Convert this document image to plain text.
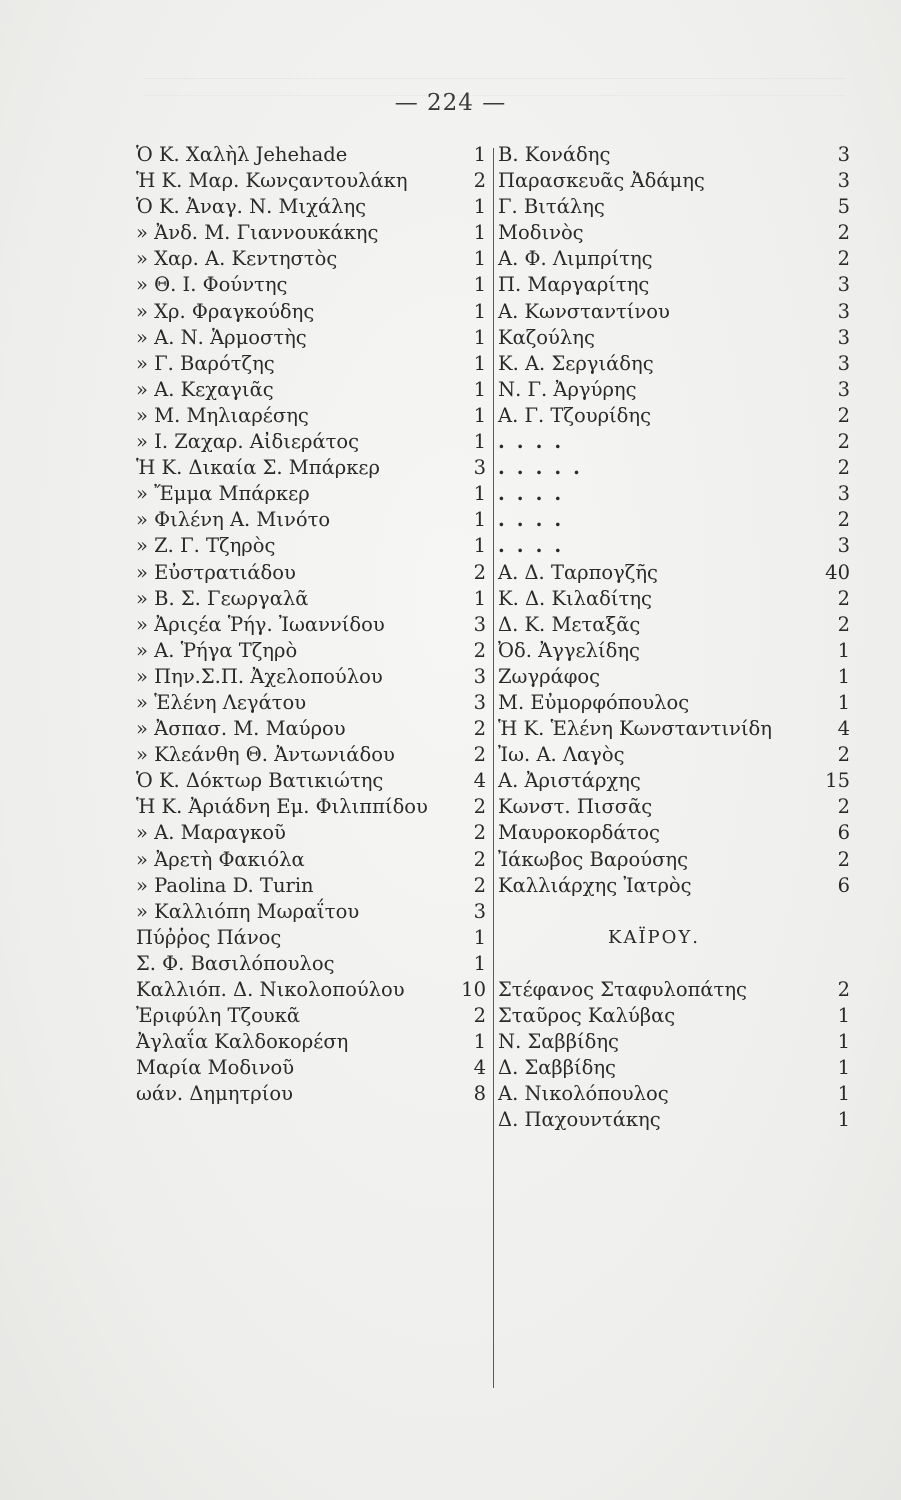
— 224 —
Ὁ Κ. Χαλὴλ Jehehade	1
Ἡ Κ. Μαρ. Κωνςαντουλάκη	2
Ὁ Κ. Ἀναγ. Ν. Μιχάλης	1
» Ἀνδ. Μ. Γιαννουκάκης	1
» Χαρ. Α. Κεντηστὸς	1
» Θ. Ι. Φούντης	1
» Χρ. Φραγκούδης	1
» Α. Ν. Ἁρμοστὴς	1
» Γ. Βαρότζης	1
» Α. Κεχαγιᾶς	1
» Μ. Μηλιαρέσης	1
» Ι. Ζαχαρ. Αἰδιεράτος	1
Ἡ Κ. Δικαία Σ. Μπάρκερ	3
» Ἔμμα Μπάρκερ	1
» Φιλένη Α. Μινότο	1
» Ζ. Γ. Τζηρὸς	1
» Εὐστρατιάδου	2
» Β. Σ. Γεωργαλᾶ	1
» Ἀριςέα Ῥήγ. Ἰωαννίδου	3
» Α. Ῥήγα Τζηρὸ	2
» Πην.Σ.Π. Ἀχελοπούλου	3
» Ἑλένη Λεγάτου	3
» Ἀσπασ. Μ. Μαύρου	2
» Κλεάνθη Θ. Ἀντωνιάδου	2
Ὁ Κ. Δόκτωρ Βατικιώτης	4
Ἡ Κ. Ἀριάδνη Εμ. Φιλιππίδου 2
» Α. Μαραγκοῦ	2
» Ἀρετὴ Φακιόλα	2
» Paolina D. Turin	2
» Καλλιόπη Μωραΐτου	3
Πύῤῥος Πάνος	1
Σ. Φ. Βασιλόπουλος	1
Καλλιόπ. Δ. Νικολοπούλου	10
Ἐριφύλη Τζουκᾶ	2
Ἀγλαΐα Καλδοκορέση	1
Μαρία Μοδινοῦ	4
ωάν. Δημητρίου	8
Β. Κονάδης	3
Παρασκευᾶς Ἀδάμης	3
Γ. Βιτάλης	5
Μοδινὸς	2
Α. Φ. Λιμπρίτης	2
Π. Μαργαρίτης	3
Α. Κωνσταντίνου	3
Καζούλης	3
Κ. Α. Σεργιάδης	3
Ν. Γ. Ἀργύρης	3
Α. Γ. Τζουρίδης	2
....	2
.....	2
....	3
....	2
....	3
Α. Δ. Ταρπογζῆς	40
Κ. Δ. Κιλαδίτης	2
Δ. Κ. Μεταξᾶς	2
Ὀδ. Ἀγγελίδης	1
Ζωγράφος	1
Μ. Εὐμορφόπουλος	1
Ἡ Κ. Ἑλένη Κωνσταντινίδη	4
Ἰω. Α. Λαγὸς	2
Α. Ἀριστάρχης	15
Κωνστ. Πισσᾶς	2
Μαυροκορδάτος	6
Ἰάκωβος Βαρούσης	2
Καλλιάρχης Ἰατρὸς	6
ΚΑΪΡΟΥ.
Στέφανος Σταφυλοπάτης	2
Σταῦρος Καλύβας	1
Ν. Σαββίδης	1
Δ. Σαββίδης	1
Α. Νικολόπουλος	1
Δ. Παχουντάκης	1
